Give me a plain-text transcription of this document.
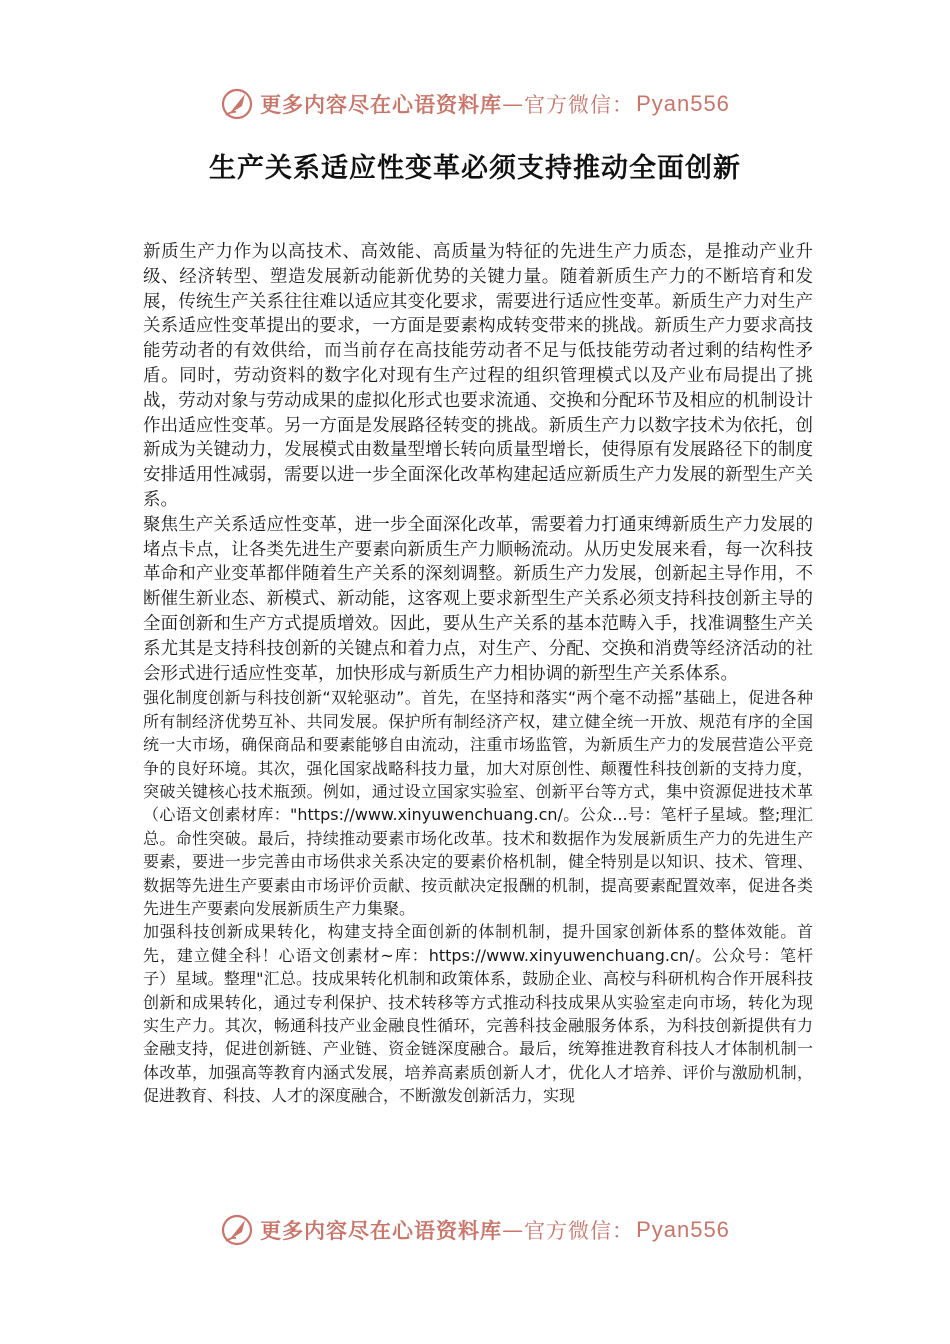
更多内容尽在心语资料库 — 官方微信： Pyan556
生产关系适应性变革必须支持推动全面创新

新质生产力作为以高技术、高效能、高质量为特征的先进生产力质态，是推动产业升级、经济转型、塑造发展新动能新优势的关键力量。随着新质生产力的不断培育和发展，传统生产关系往往难以适应其变化要求，需要进行适应性变革。新质生产力对生产关系适应性变革提出的要求，一方面是要素构成转变带来的挑战。新质生产力要求高技能劳动者的有效供给，而当前存在高技能劳动者不足与低技能劳动者过剩的结构性矛盾。同时，劳动资料的数字化对现有生产过程的组织管理模式以及产业布局提出了挑战，劳动对象与劳动成果的虚拟化形式也要求流通、交换和分配环节及相应的机制设计作出适应性变革。另一方面是发展路径转变的挑战。新质生产力以数字技术为依托，创新成为关键动力，发展模式由数量型增长转向质量型增长，使得原有发展路径下的制度安排适用性减弱，需要以进一步全面深化改革构建起适应新质生产力发展的新型生产关系。

聚焦生产关系适应性变革，进一步全面深化改革，需要着力打通束缚新质生产力发展的堵点卡点，让各类先进生产要素向新质生产力顺畅流动。从历史发展来看，每一次科技革命和产业变革都伴随着生产关系的深刻调整。新质生产力发展，创新起主导作用，不断催生新业态、新模式、新动能，这客观上要求新型生产关系必须支持科技创新主导的全面创新和生产方式提质增效。因此，要从生产关系的基本范畴入手，找准调整生产关系尤其是支持科技创新的关键点和着力点，对生产、分配、交换和消费等经济活动的社会形式进行适应性变革，加快形成与新质生产力相协调的新型生产关系体系。

强化制度创新与科技创新“双轮驱动”。首先，在坚持和落实“两个毫不动摇”基础上，促进各种所有制经济优势互补、共同发展。保护所有制经济产权，建立健全统一开放、规范有序的全国统一大市场，确保商品和要素能够自由流动，注重市场监管，为新质生产力的发展营造公平竞争的良好环境。其次，强化国家战略科技力量，加大对原创性、颠覆性科技创新的支持力度，突破关键核心技术瓶颈。例如，通过设立国家实验室、创新平台等方式，集中资源促进技术革（心语文创素材库："https://www.xinyuwenchuang.cn/。公众...号：笔杆子星域。整;理汇总。命性突破。最后，持续推动要素市场化改革。技术和数据作为发展新质生产力的先进生产要素，要进一步完善由市场供求关系决定的要素价格机制，健全特别是以知识、技术、管理、数据等先进生产要素由市场评价贡献、按贡献决定报酬的机制，提高要素配置效率，促进各类先进生产要素向发展新质生产力集聚。

加强科技创新成果转化，构建支持全面创新的体制机制，提升国家创新体系的整体效能。首先，建立健全科！心语文创素材~库：https://www.xinyuwenchuang.cn/。公众号：笔杆子）星域。整理"汇总。技成果转化机制和政策体系，鼓励企业、高校与科研机构合作开展科技创新和成果转化，通过专利保护、技术转移等方式推动科技成果从实验室走向市场，转化为现实生产力。其次，畅通科技产业金融良性循环，完善科技金融服务体系，为科技创新提供有力金融支持，促进创新链、产业链、资金链深度融合。最后，统筹推进教育科技人才体制机制一体改革，加强高等教育内涵式发展，培养高素质创新人才，优化人才培养、评价与激励机制，促进教育、科技、人才的深度融合，不断激发创新活力，实现

更多内容尽在心语资料库 — 官方微信： Pyan556
